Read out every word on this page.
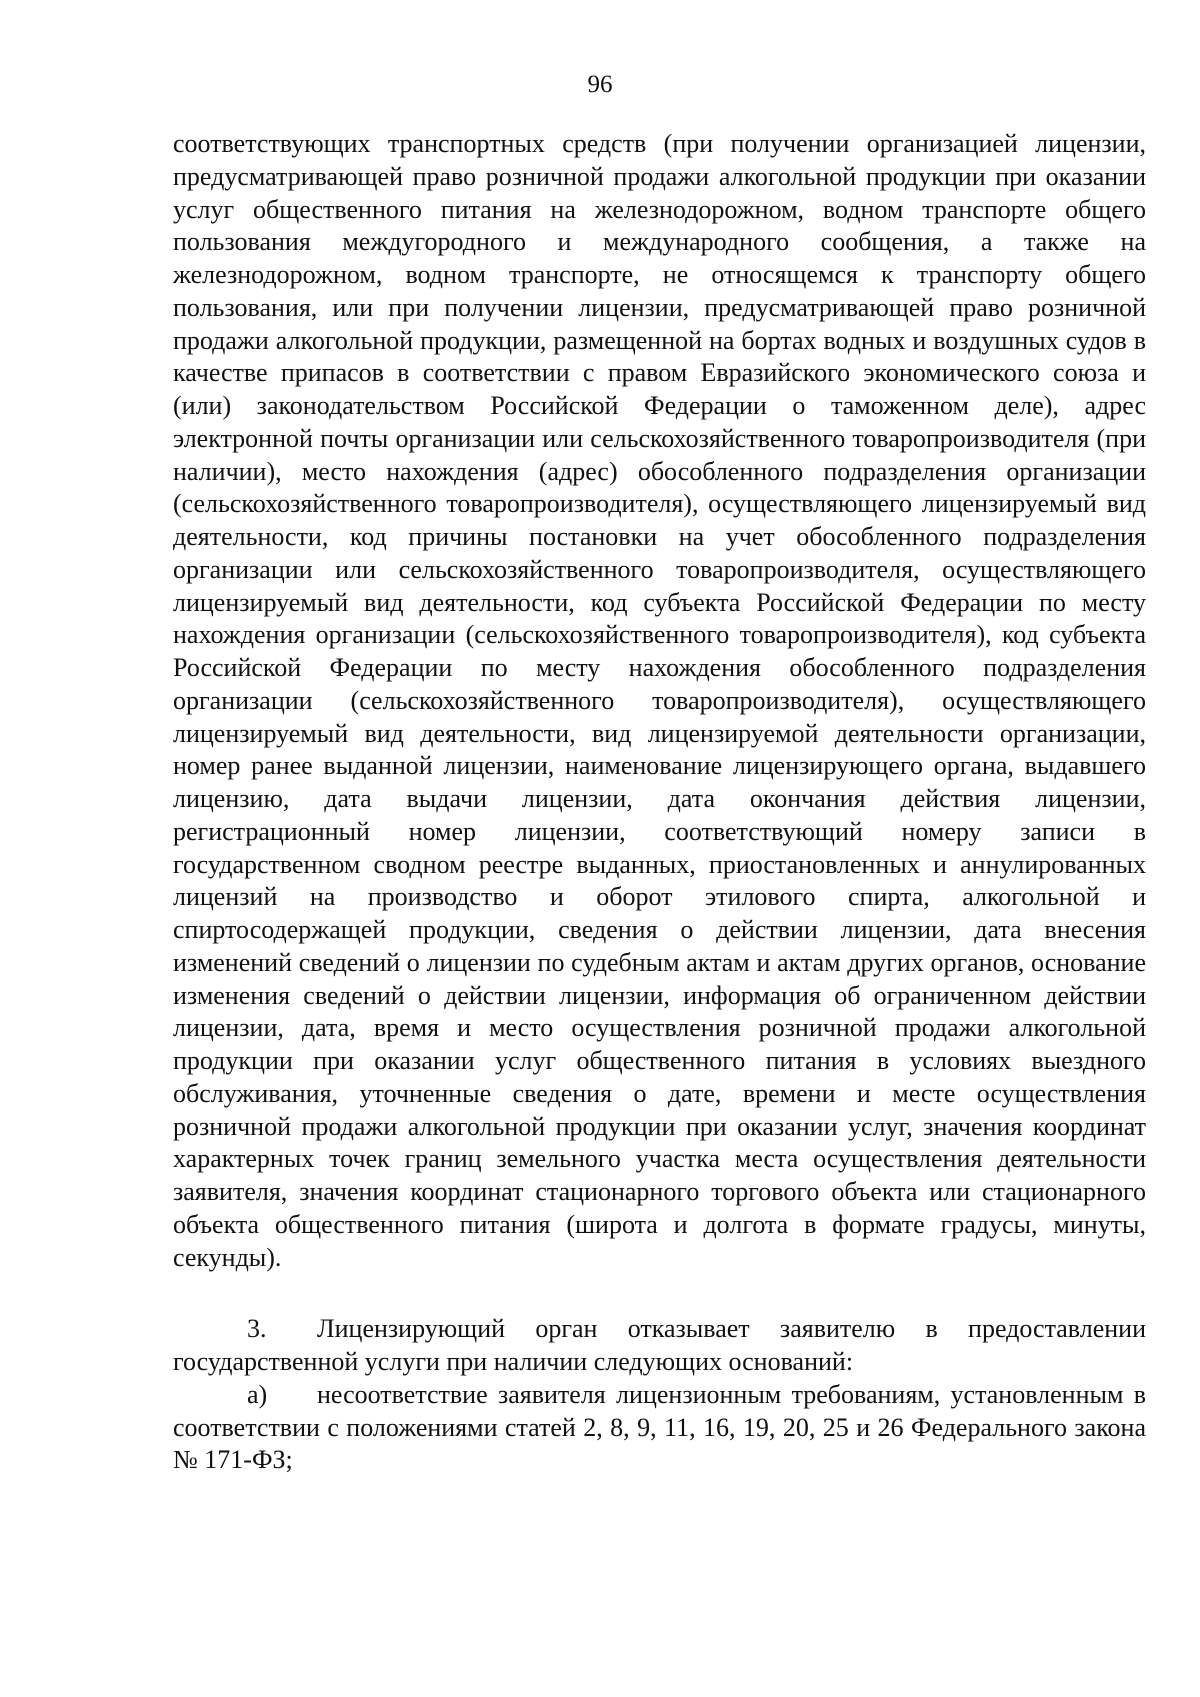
96

соответствующих транспортных средств (при получении организацией лицензии, предусматривающей право розничной продажи алкогольной продукции при оказании услуг общественного питания на железнодорожном, водном транспорте общего пользования междугородного и международного сообщения, а также на железнодорожном, водном транспорте, не относящемся к транспорту общего пользования, или при получении лицензии, предусматривающей право розничной продажи алкогольной продукции, размещенной на бортах водных и воздушных судов в качестве припасов в соответствии с правом Евразийского экономического союза и (или) законодательством Российской Федерации о таможенном деле), адрес электронной почты организации или сельскохозяйственного товаропроизводителя (при наличии), место нахождения (адрес) обособленного подразделения организации (сельскохозяйственного товаропроизводителя), осуществляющего лицензируемый вид деятельности, код причины постановки на учет обособленного подразделения организации или сельскохозяйственного товаропроизводителя, осуществляющего лицензируемый вид деятельности, код субъекта Российской Федерации по месту нахождения организации (сельскохозяйственного товаропроизводителя), код субъекта Российской Федерации по месту нахождения обособленного подразделения организации (сельскохозяйственного товаропроизводителя), осуществляющего лицензируемый вид деятельности, вид лицензируемой деятельности организации, номер ранее выданной лицензии, наименование лицензирующего органа, выдавшего лицензию, дата выдачи лицензии, дата окончания действия лицензии, регистрационный номер лицензии, соответствующий номеру записи в государственном сводном реестре выданных, приостановленных и аннулированных лицензий на производство и оборот этилового спирта, алкогольной и спиртосодержащей продукции, сведения о действии лицензии, дата внесения изменений сведений о лицензии по судебным актам и актам других органов, основание изменения сведений о действии лицензии, информация об ограниченном действии лицензии, дата, время и место осуществления розничной продажи алкогольной продукции при оказании услуг общественного питания в условиях выездного обслуживания, уточненные сведения о дате, времени и месте осуществления розничной продажи алкогольной продукции при оказании услуг, значения координат характерных точек границ земельного участка места осуществления деятельности заявителя, значения координат стационарного торгового объекта или стационарного объекта общественного питания (широта и долгота в формате градусы, минуты, секунды).

3. Лицензирующий орган отказывает заявителю в предоставлении государственной услуги при наличии следующих оснований:

а) несоответствие заявителя лицензионным требованиям, установленным в соответствии с положениями статей 2, 8, 9, 11, 16, 19, 20, 25 и 26 Федерального закона № 171-ФЗ;
